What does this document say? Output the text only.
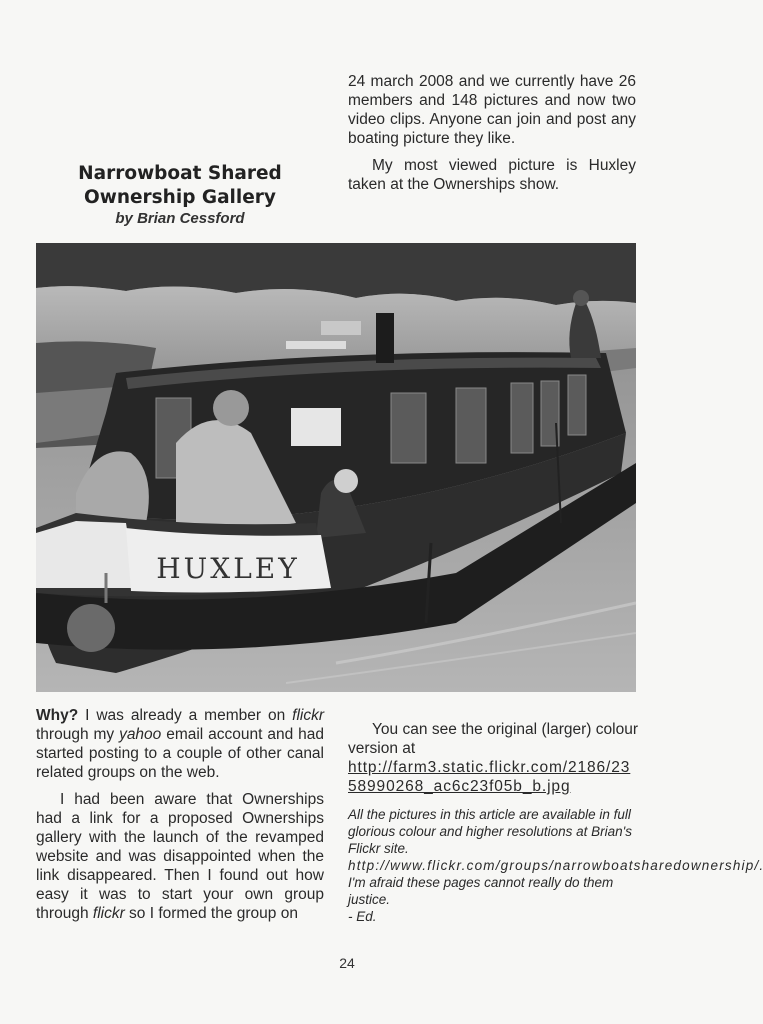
24 march 2008 and we currently have 26 members and 148 pictures and now two video clips. Anyone can join and post any boating picture they like.

My most viewed picture is Huxley taken at the Ownerships show.

Narrowboat Shared
Ownership Gallery

by Brian Cessford

HUXLEY

Why? I was already a member on flickr through my yahoo email account and had started posting to a couple of other canal related groups on the web.

I had been aware that Ownerships had a link for a proposed Ownerships gallery with the launch of the revamped website and was disappointed when the link disappeared. Then I found out how easy it was to start your own group through flickr so I formed the group on

You can see the original (larger) colour version at

http://farm3.static.flickr.com/2186/2358990268_ac6c23f05b_b.jpg

All the pictures in this article are available in full glorious colour and higher resolutions at Brian's Flickr site. http://www.flickr.com/groups/narrowboatsharedownership/. I'm afraid these pages cannot really do them justice.
- Ed.

24
